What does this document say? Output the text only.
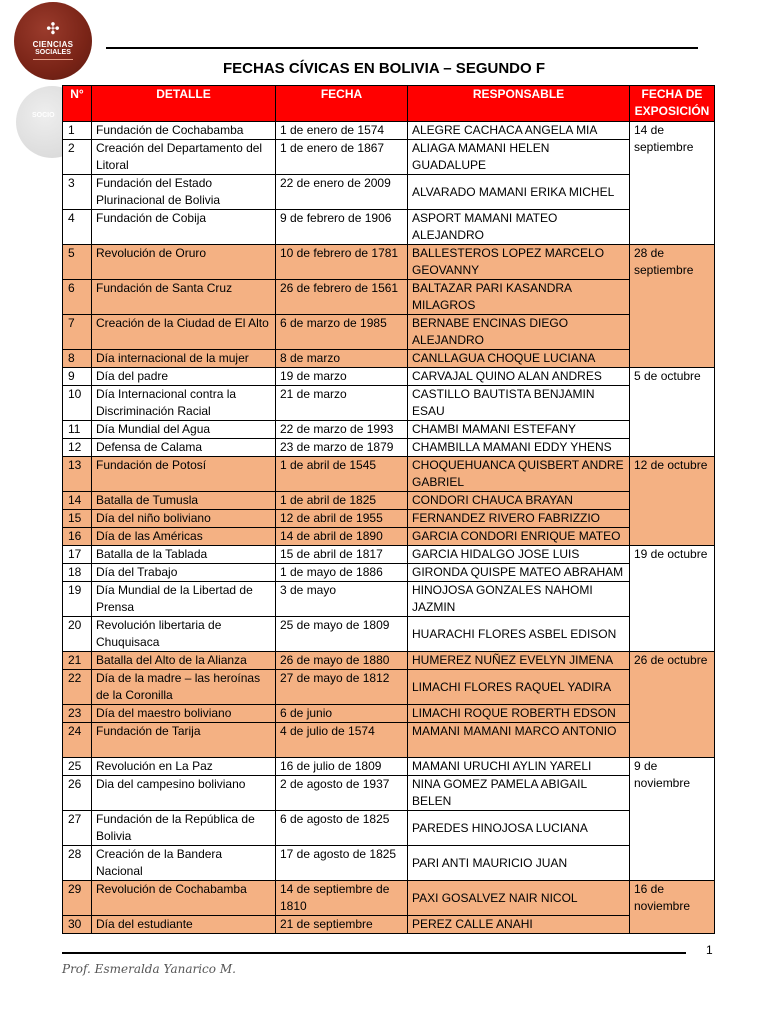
✣
CIENCIAS
SOCIALES
SOCIO
FECHAS CÍVICAS EN BOLIVIA – SEGUNDO F
N°	DETALLE	FECHA	RESPONSABLE	FECHA DE EXPOSICIÓN
1	Fundación de Cochabamba	1 de enero de 1574	ALEGRE CACHACA ANGELA MIA	14 de septiembre
2	Creación del Departamento del Litoral	1 de enero de 1867	ALIAGA MAMANI HELEN GUADALUPE	
3	Fundación del Estado Plurinacional de Bolivia	22 de enero de 2009	ALVARADO MAMANI ERIKA MICHEL	
4	Fundación de Cobija	9 de febrero de 1906	ASPORT MAMANI MATEO ALEJANDRO	
5	Revolución de Oruro	10 de febrero de 1781	BALLESTEROS LOPEZ MARCELO GEOVANNY	28 de septiembre
6	Fundación de Santa Cruz	26 de febrero de 1561	BALTAZAR PARI KASANDRA MILAGROS	
7	Creación de la Ciudad de El Alto	6 de marzo de 1985	BERNABE ENCINAS DIEGO ALEJANDRO	
8	Día internacional de la mujer	8 de marzo	CANLLAGUA CHOQUE LUCIANA	
9	Día del padre	19 de marzo	CARVAJAL QUINO ALAN ANDRES	5 de octubre
10	Día Internacional contra la Discriminación Racial	21 de marzo	CASTILLO BAUTISTA BENJAMIN ESAU	
11	Día Mundial del Agua	22 de marzo de 1993	CHAMBI MAMANI ESTEFANY	
12	Defensa de Calama	23 de marzo de 1879	CHAMBILLA MAMANI EDDY YHENS	
13	Fundación de Potosí	1 de abril de 1545	CHOQUEHUANCA QUISBERT ANDRE GABRIEL	12 de octubre
14	Batalla de Tumusla	1 de abril de 1825	CONDORI CHAUCA BRAYAN	
15	Día del niño boliviano	12 de abril de 1955	FERNANDEZ RIVERO FABRIZZIO	
16	Día de las Américas	14 de abril de 1890	GARCIA CONDORI ENRIQUE MATEO	
17	Batalla de la Tablada	15 de abril de 1817	GARCIA HIDALGO JOSE LUIS	19 de octubre
18	Día del Trabajo	1 de mayo de 1886	GIRONDA QUISPE MATEO ABRAHAM	
19	Día Mundial de la Libertad de Prensa	3 de mayo	HINOJOSA GONZALES NAHOMI JAZMIN	
20	Revolución libertaria de Chuquisaca	25 de mayo de 1809	HUARACHI FLORES ASBEL EDISON	
21	Batalla del Alto de la Alianza	26 de mayo de 1880	HUMEREZ NUÑEZ EVELYN JIMENA	26 de octubre
22	Día de la madre – las heroínas de la Coronilla	27 de mayo de 1812	LIMACHI FLORES RAQUEL YADIRA	
23	Día del maestro boliviano	6 de junio	LIMACHI ROQUE ROBERTH EDSON	
24	Fundación de Tarija	4 de julio de 1574	MAMANI MAMANI MARCO ANTONIO	
25	Revolución en La Paz	16 de julio de 1809	MAMANI URUCHI AYLIN YARELI	9 de noviembre
26	Dia del campesino boliviano	2 de agosto de 1937	NINA GOMEZ PAMELA ABIGAIL BELEN	
27	Fundación de la República de Bolivia	6 de agosto de 1825	PAREDES HINOJOSA LUCIANA	
28	Creación de la Bandera Nacional	17 de agosto de 1825	PARI ANTI MAURICIO JUAN	
29	Revolución de Cochabamba	14 de septiembre de 1810	PAXI GOSALVEZ NAIR NICOL	16 de noviembre
30	Día del estudiante	21 de septiembre	PEREZ CALLE ANAHI	
1
Prof. Esmeralda Yanarico M.
